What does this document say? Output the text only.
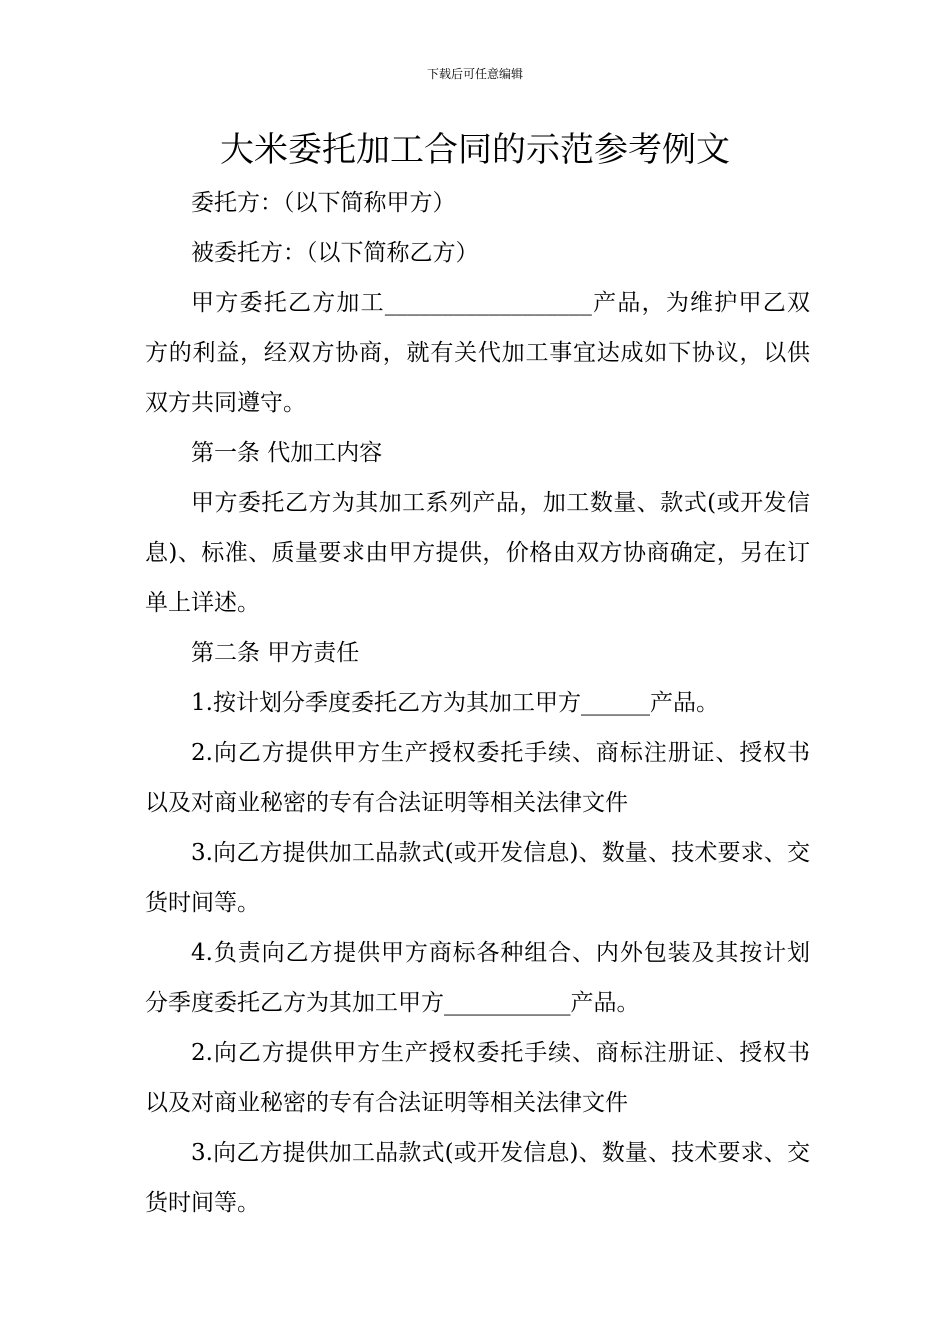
下载后可任意编辑
大米委托加工合同的示范参考例文

委托方：（以下简称甲方）

被委托方：（以下简称乙方）

甲方委托乙方加工__________________产品，为维护甲乙双方的利益，经双方协商，就有关代加工事宜达成如下协议，以供双方共同遵守。

第一条 代加工内容

甲方委托乙方为其加工系列产品，加工数量、款式(或开发信息)、标准、质量要求由甲方提供，价格由双方协商确定，另在订单上详述。

第二条 甲方责任

1.按计划分季度委托乙方为其加工甲方______产品。

2.向乙方提供甲方生产授权委托手续、商标注册证、授权书以及对商业秘密的专有合法证明等相关法律文件

3.向乙方提供加工品款式(或开发信息)、数量、技术要求、交货时间等。

4.负责向乙方提供甲方商标各种组合、内外包装及其按计划分季度委托乙方为其加工甲方___________产品。

2.向乙方提供甲方生产授权委托手续、商标注册证、授权书以及对商业秘密的专有合法证明等相关法律文件

3.向乙方提供加工品款式(或开发信息)、数量、技术要求、交货时间等。
